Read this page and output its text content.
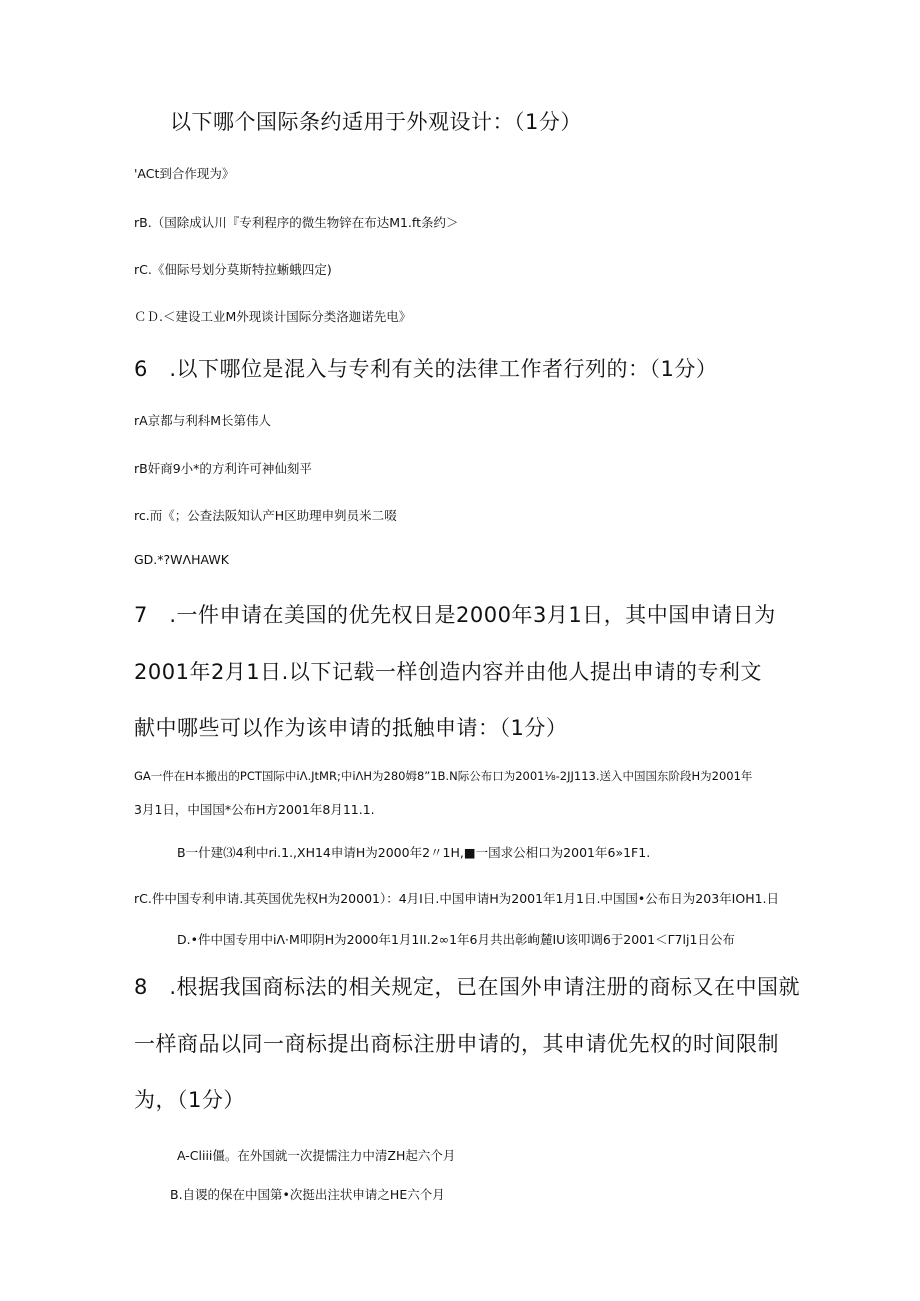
以下哪个国际条约适用于外观设计：（1分）
'ACt到合作现为》
rB.（国除成认川『专利程序的微生物锌在布达M1.ft条约＞
rC.《佃际号划分莫斯特拉蜥蛾四定)
ＣＤ.＜建设工业M外现谈计国际分类洛迦诺先电》
6　.以下哪位是混入与专利有关的法律工作者行列的：（1分）
rA京都与利科M长第伟人
rB奸商9小*的方利许可神仙刻平
rc.而《；公查法阪知认产H区助理申刿员米二啜
GD.*?WΛHAWK
7　.一件申请在美国的优先权日是2000年3月1日，其中国申请日为
2001年2月1日.以下记载一样创造内容并由他人提出申请的专利文
献中哪些可以作为该申请的抵触申请：（1分）
GA一件在H本搬出的PCT国际中iΛ.JtMR;中iΛH为280姆8”1B.N际公布口为2001⅛-2JJ113.送入中国国东阶段H为2001年
3月1日，中国国*公布H方2001年8月11.1.
B一什建⑶4利中ri.1.,XH14申请H为2000年2〃1H,■一国求公相口为2001年6»1F1.
rC.件中国专利申请.其英国优先权H为20001）：4月I日.中国申请H为2001年1月1日.中国国•公布日为203年IOH1.日
D.•件中国专用中iΛ·M叩阴H为2000年1月1II.2∞1年6月共出彰峋麓IU该叩调6于2001＜Γ7lj1日公布
8　.根据我国商标法的相关规定，已在国外申请注册的商标又在中国就
一样商品以同一商标提出商标注册申请的，其申请优先权的时间限制
为，（1分）
A-Cliii僵。在外国就一次提懦注力中清ZH起六个月
B.自谡的保在中国第•次挺出注状申请之HE六个月
